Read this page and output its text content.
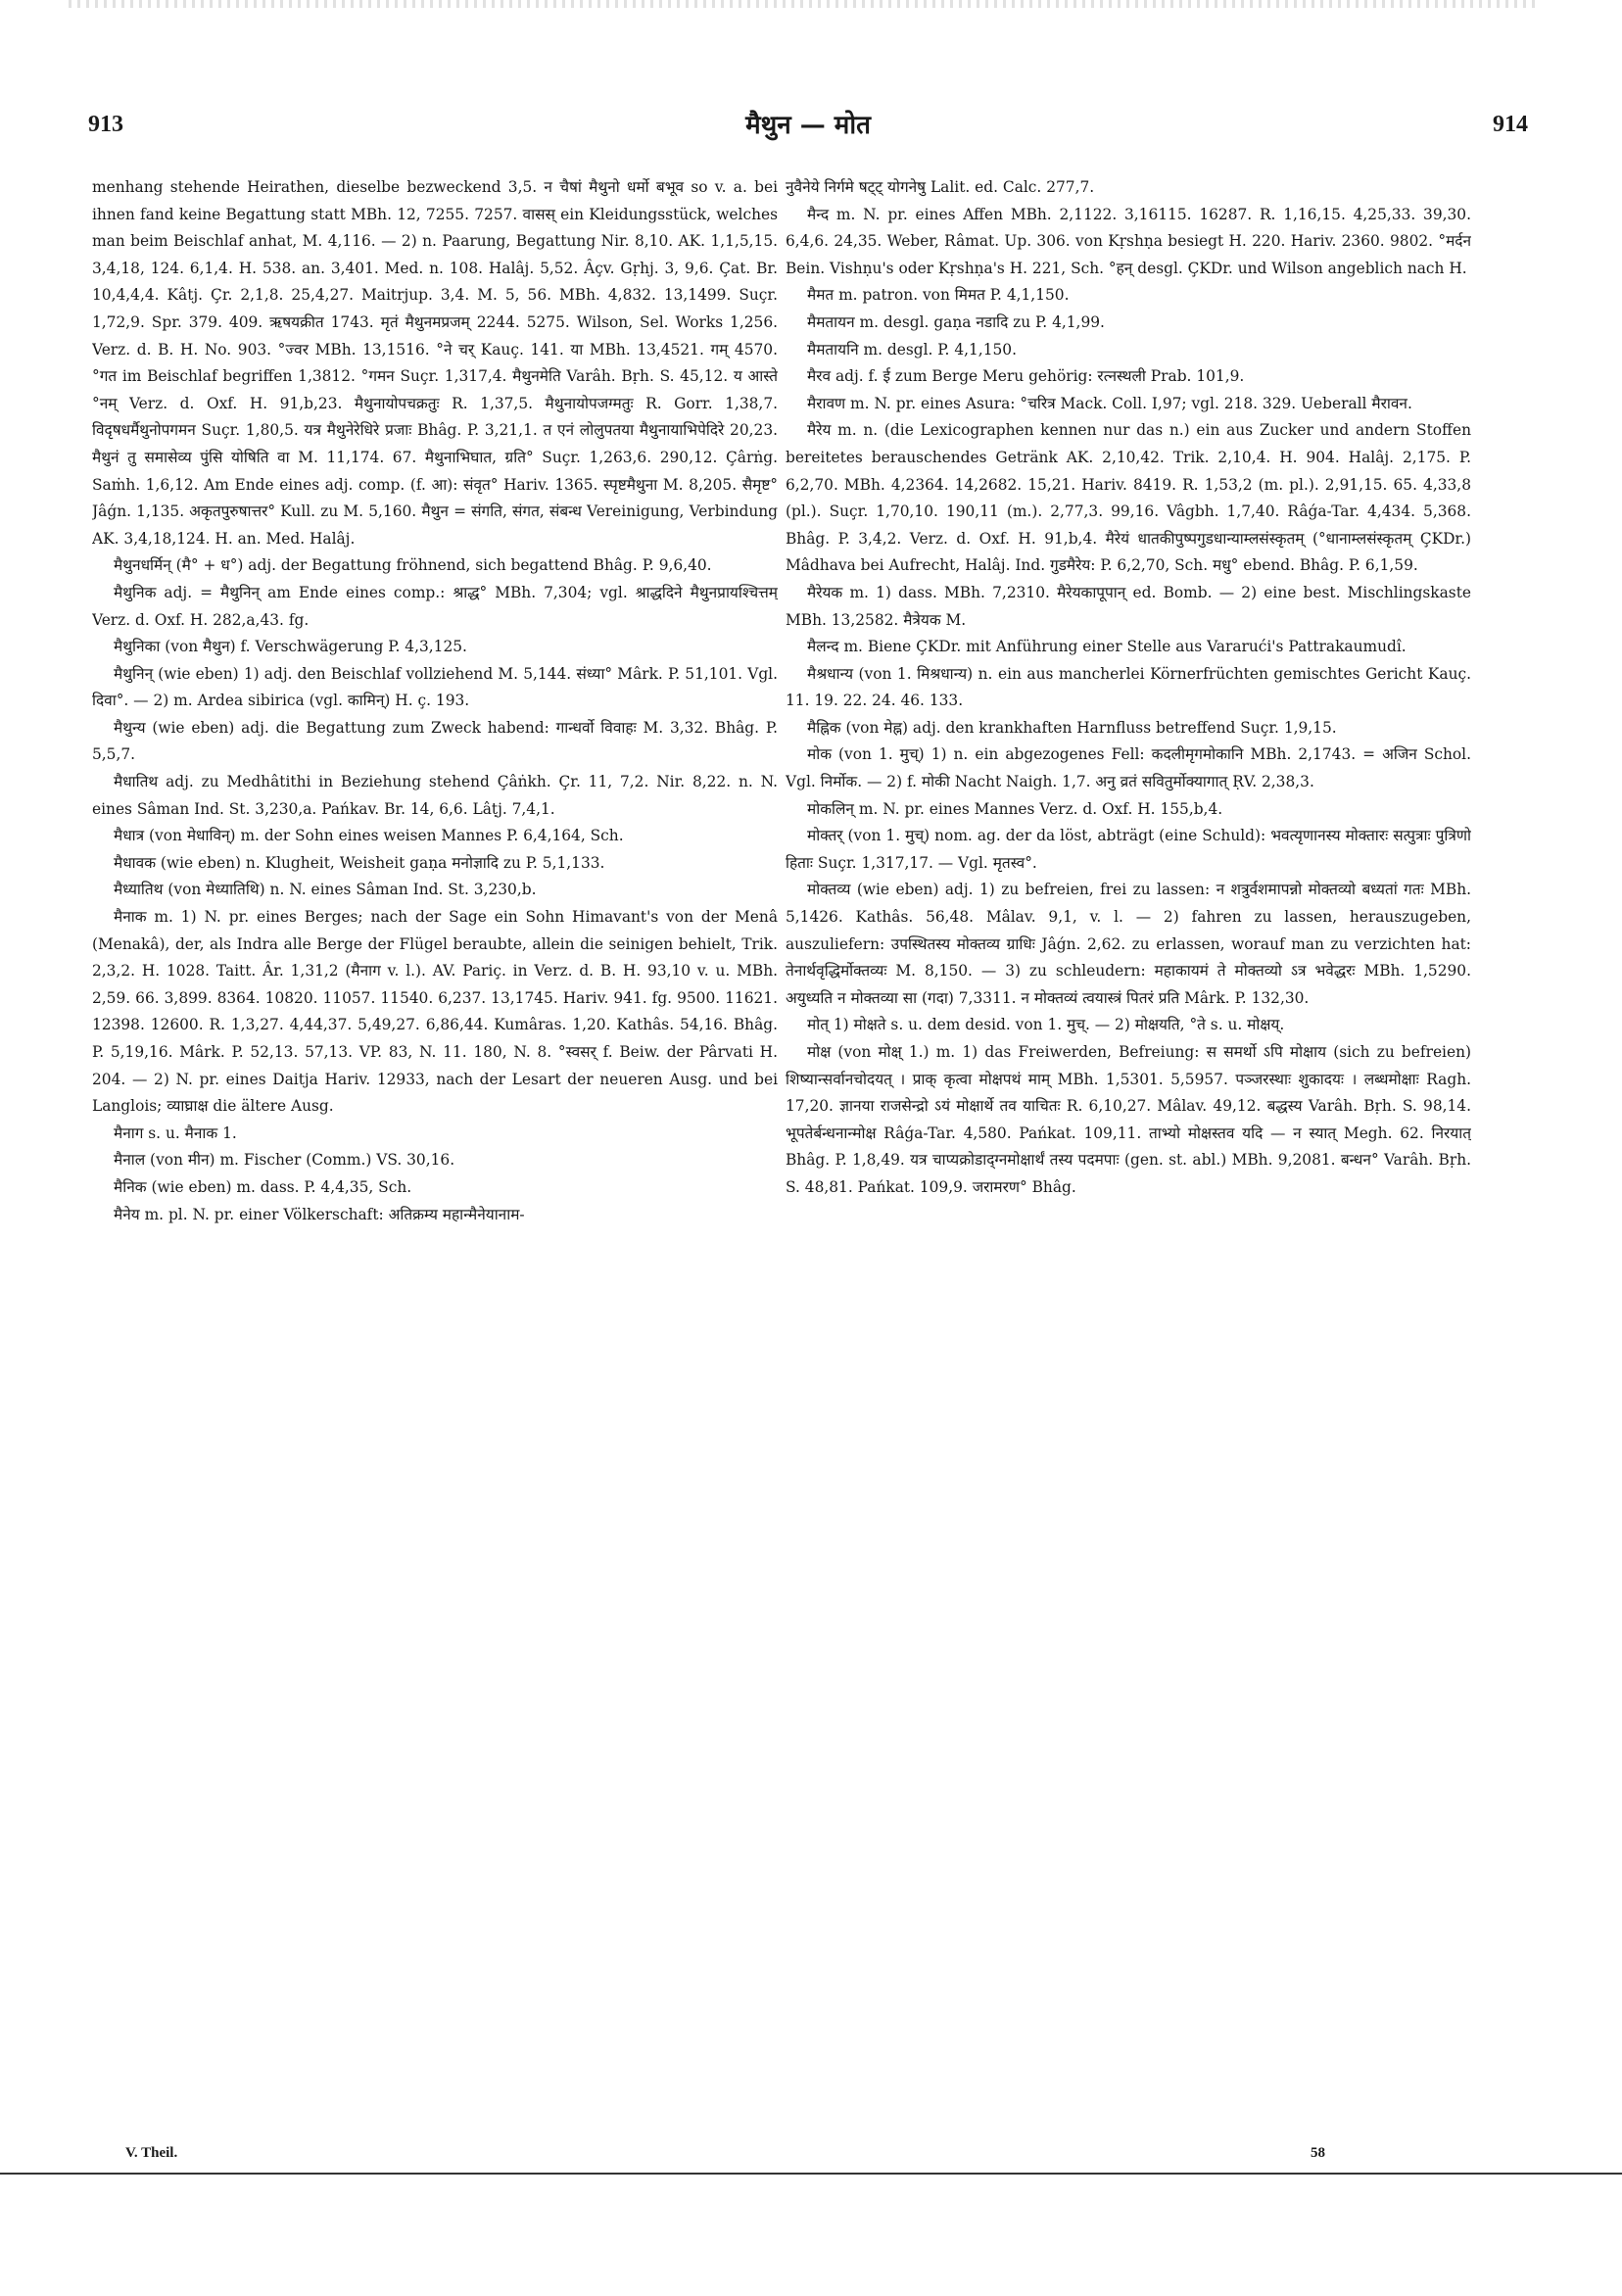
913	मैथुन — मोत	914

menhang stehende Heirathen, dieselbe bezweckend 3,5. न चैषां मैथुनो धर्मो बभूव so v. a. bei ihnen fand keine Begattung statt MBh. 12, 7255. 7257. वासस् ein Kleidungsstück, welches man beim Beischlaf anhat, M. 4,116. — 2) n. Paarung, Begattung Nir. 8,10. AK. 1,1,5,15. 3,4,18, 124. 6,1,4. H. 538. an. 3,401. Med. n. 108. Halâj. 5,52. Âçv. Gṛhj. 3, 9,6. Çat. Br. 10,4,4,4. Kâtj. Çr. 2,1,8. 25,4,27. Maitrjup. 3,4. M. 5, 56. MBh. 4,832. 13,1499. Suçr. 1,72,9. Spr. 379. 409. ऋषयक्रीत 1743. मृतं मैथुनमप्रजम् 2244. 5275. Wilson, Sel. Works 1,256. Verz. d. B. H. No. 903. °ज्वर MBh. 13,1516. °ने चर् Kauç. 141. या MBh. 13,4521. गम् 4570. °गत im Beischlaf begriffen 1,3812. °गमन Suçr. 1,317,4. मैथुनमेति Varâh. Bṛh. S. 45,12. य आस्ते °नम् Verz. d. Oxf. H. 91,b,23. मैथुनायोपचक्रतुः R. 1,37,5. मैथुनायोपजग्मतुः R. Gorr. 1,38,7. विदृषधर्मैथुनोपगमन Suçr. 1,80,5. यत्र मैथुनेरेधिरे प्रजाः Bhâg. P. 3,21,1. त एनं लोलुपतया मैथुनायाभिपेदिरे 20,23. मैथुनं तु समासेव्य पुंसि योषिति वा M. 11,174. 67. मैथुनाभिघात, ग्रति° Suçr. 1,263,6. 290,12. Çârṅg. Saṁh. 1,6,12. Am Ende eines adj. comp. (f. आ): संवृत° Hariv. 1365. स्पृष्टमैथुना M. 8,205. सैमृष्ट° Jâǵn. 1,135. अकृतपुरुषात्तर° Kull. zu M. 5,160. मैथुन = संगति, संगत, संबन्ध Vereinigung, Verbindung AK. 3,4,18,124. H. an. Med. Halâj.

मैथुनधर्मिन् (मै° + ध°) adj. der Begattung fröhnend, sich begattend Bhâg. P. 9,6,40.

मैथुनिक adj. = मैथुनिन् am Ende eines comp.: श्राद्ध° MBh. 7,304; vgl. श्राद्धदिने मैथुनप्रायश्चित्तम् Verz. d. Oxf. H. 282,a,43. fg.

मैथुनिका (von मैथुन) f. Verschwägerung P. 4,3,125.

मैथुनिन् (wie eben) 1) adj. den Beischlaf vollziehend M. 5,144. संध्या° Mârk. P. 51,101. Vgl. दिवा°. — 2) m. Ardea sibirica (vgl. कामिन्) H. ç. 193.

मैथुन्य (wie eben) adj. die Begattung zum Zweck habend: गान्धर्वो विवाहः M. 3,32. Bhâg. P. 5,5,7.

मैधातिथ adj. zu Medhâtithi in Beziehung stehend Çâṅkh. Çr. 11, 7,2. Nir. 8,22. n. N. eines Sâman Ind. St. 3,230,a. Pańkav. Br. 14, 6,6. Lâṭj. 7,4,1.

मैधात्र (von मेधाविन्) m. der Sohn eines weisen Mannes P. 6,4,164, Sch.

मैधावक (wie eben) n. Klugheit, Weisheit gaṇa मनोज्ञादि zu P. 5,1,133.

मैध्यातिथ (von मेध्यातिथि) n. N. eines Sâman Ind. St. 3,230,b.

मैनाक m. 1) N. pr. eines Berges; nach der Sage ein Sohn Himavant's von der Menâ (Menakâ), der, als Indra alle Berge der Flügel beraubte, allein die seinigen behielt, Trik. 2,3,2. H. 1028. Taitt. Âr. 1,31,2 (मैनाग v. l.). AV. Pariç. in Verz. d. B. H. 93,10 v. u. MBh. 2,59. 66. 3,899. 8364. 10820. 11057. 11540. 6,237. 13,1745. Hariv. 941. fg. 9500. 11621. 12398. 12600. R. 1,3,27. 4,44,37. 5,49,27. 6,86,44. Kumâras. 1,20. Kathâs. 54,16. Bhâg. P. 5,19,16. Mârk. P. 52,13. 57,13. VP. 83, N. 11. 180, N. 8. °स्वसर् f. Beiw. der Pârvati H. 204. — 2) N. pr. eines Daitja Hariv. 12933, nach der Lesart der neueren Ausg. und bei Langlois; व्याघ्राक्ष die ältere Ausg.

मैनाग s. u. मैनाक 1.

मैनाल (von मीन) m. Fischer (Comm.) VS. 30,16.

मैनिक (wie eben) m. dass. P. 4,4,35, Sch.

मैनेय m. pl. N. pr. einer Völkerschaft: अतिक्रम्य महान्मैनेयानाम-

नुवैनेये निर्गमे षट्ट् योगनेषु Lalit. ed. Calc. 277,7.

मैन्द m. N. pr. eines Affen MBh. 2,1122. 3,16115. 16287. R. 1,16,15. 4,25,33. 39,30. 6,4,6. 24,35. Weber, Râmat. Up. 306. von Kṛshṇa besiegt H. 220. Hariv. 2360. 9802. °मर्दन Bein. Vishṇu's oder Kṛshṇa's H. 221, Sch. °हन् desgl. ÇKDr. und Wilson angeblich nach H.

मैमत m. patron. von मिमत P. 4,1,150.

मैमतायन m. desgl. gaṇa नडादि zu P. 4,1,99.

मैमतायनि m. desgl. P. 4,1,150.

मैरव adj. f. ई zum Berge Meru gehörig: रत्नस्थली Prab. 101,9.

मैरावण m. N. pr. eines Asura: °चरित्र Mack. Coll. I,97; vgl. 218. 329. Ueberall मैरावन.

मैरेय m. n. (die Lexicographen kennen nur das n.) ein aus Zucker und andern Stoffen bereitetes berauschendes Getränk AK. 2,10,42. Trik. 2,10,4. H. 904. Halâj. 2,175. P. 6,2,70. MBh. 4,2364. 14,2682. 15,21. Hariv. 8419. R. 1,53,2 (m. pl.). 2,91,15. 65. 4,33,8 (pl.). Suçr. 1,70,10. 190,11 (m.). 2,77,3. 99,16. Vâgbh. 1,7,40. Râǵa-Tar. 4,434. 5,368. Bhâg. P. 3,4,2. Verz. d. Oxf. H. 91,b,4. मैरेयं धातकीपुष्पगुडधान्याम्लसंस्कृतम् (°धानाम्लसंस्कृतम् ÇKDr.) Mâdhava bei Aufrecht, Halâj. Ind. गुडमैरेय: P. 6,2,70, Sch. मधु° ebend. Bhâg. P. 6,1,59.

मैरेयक m. 1) dass. MBh. 7,2310. मैरेयकापूपान् ed. Bomb. — 2) eine best. Mischlingskaste MBh. 13,2582. मैत्रेयक M.

मैलन्द m. Biene ÇKDr. mit Anführung einer Stelle aus Vararući's Pattrakaumudî.

मैश्रधान्य (von 1. मिश्रधान्य) n. ein aus mancherlei Körnerfrüchten gemischtes Gericht Kauç. 11. 19. 22. 24. 46. 133.

मैह्निक (von मेह्न) adj. den krankhaften Harnfluss betreffend Suçr. 1,9,15.

मोक (von 1. मुच्) 1) n. ein abgezogenes Fell: कदलीमृगमोकानि MBh. 2,1743. = अजिन Schol. Vgl. निर्मोक. — 2) f. मोकी Nacht Naigh. 1,7. अनु व्रतं सवितुर्मोक्यागात् ṚV. 2,38,3.

मोकलिन् m. N. pr. eines Mannes Verz. d. Oxf. H. 155,b,4.

मोक्तर् (von 1. मुच्) nom. ag. der da löst, abträgt (eine Schuld): भवत्यृणानस्य मोक्तारः सत्पुत्राः पुत्रिणो हिताः Suçr. 1,317,17. — Vgl. मृतस्व°.

मोक्तव्य (wie eben) adj. 1) zu befreien, frei zu lassen: न शत्रुर्वशमापन्नो मोक्तव्यो बध्यतां गतः MBh. 5,1426. Kathâs. 56,48. Mâlav. 9,1, v. l. — 2) fahren zu lassen, herauszugeben, auszuliefern: उपस्थितस्य मोक्तव्य ग्राधिः Jâǵn. 2,62. zu erlassen, worauf man zu verzichten hat: तेनार्थवृद्धिर्मोक्तव्यः M. 8,150. — 3) zu schleudern: महाकायमं ते मोक्तव्यो ऽत्र भवेद्धरः MBh. 1,5290. अयुध्यति न मोक्तव्या सा (गदा) 7,3311. न मोक्तव्यं त्वयास्त्रं पितरं प्रति Mârk. P. 132,30.

मोत् 1) मोक्षते s. u. dem desid. von 1. मुच्. — 2) मोक्षयति, °ते s. u. मोक्षय्.

मोक्ष (von मोक्ष् 1.) m. 1) das Freiwerden, Befreiung: स समर्थो ऽपि मोक्षाय (sich zu befreien) शिष्यान्सर्वानचोदयत् । प्राक् कृत्वा मोक्षपथं माम् MBh. 1,5301. 5,5957. पञ्जरस्थाः शुकादयः । लब्धमोक्षाः Ragh. 17,20. ज्ञानया राजसेन्द्रो ऽयं मोक्षार्थे तव याचितः R. 6,10,27. Mâlav. 49,12. बद्धस्य Varâh. Bṛh. S. 98,14. भूपतेर्बन्धनान्मोक्ष Râǵa-Tar. 4,580. Pańkat. 109,11. ताभ्यो मोक्षस्तव यदि — न स्यात् Megh. 62. निरयात् Bhâg. P. 1,8,49. यत्र चाप्यक्रोडाद्ग्नमोक्षार्थं तस्य पदमपाः (gen. st. abl.) MBh. 9,2081. बन्धन° Varâh. Bṛh. S. 48,81. Pańkat. 109,9. जरामरण° Bhâg.

V. Theil.	58
